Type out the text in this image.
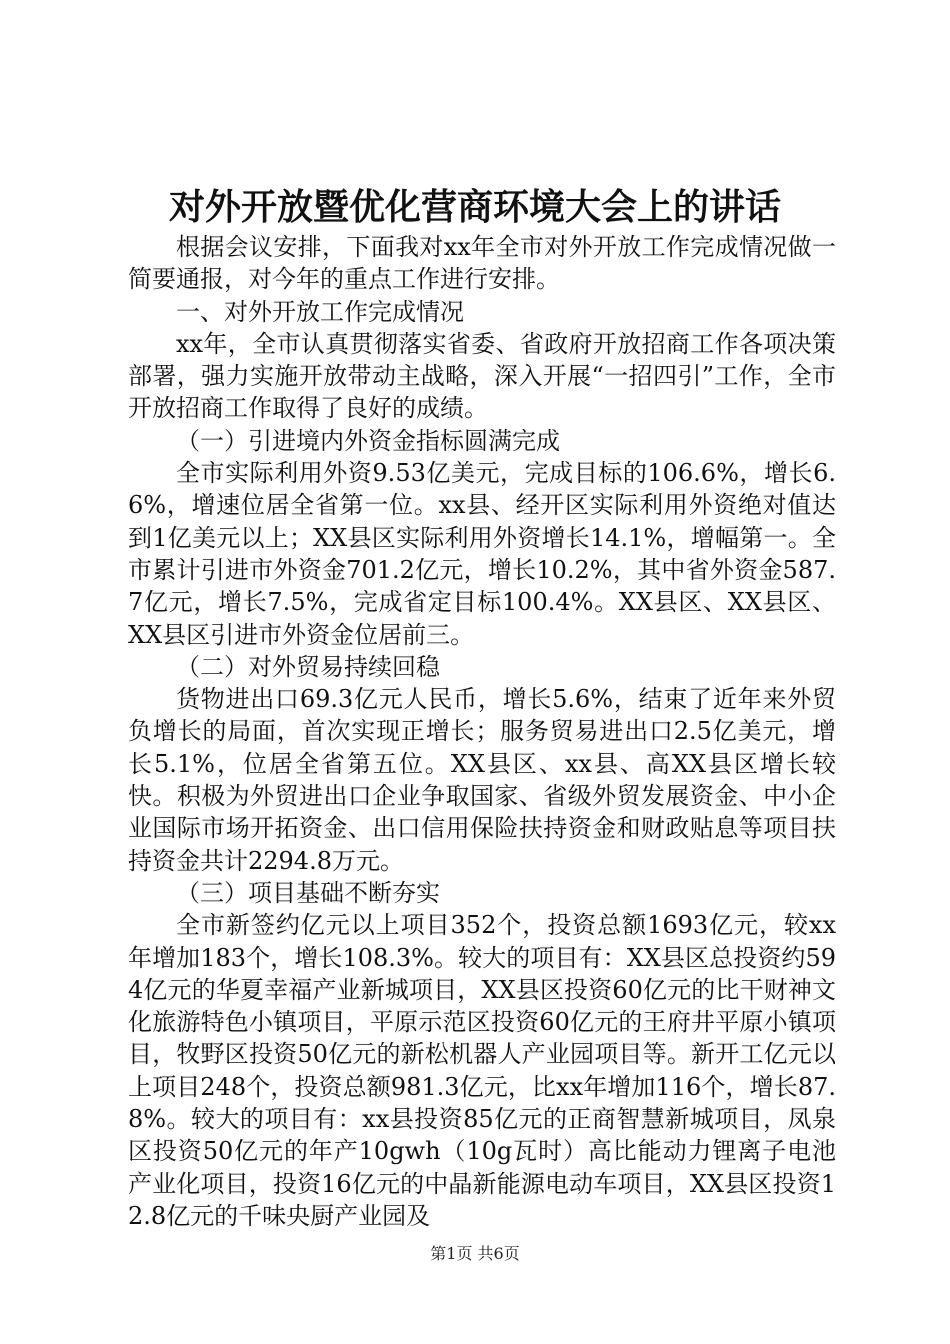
对外开放暨优化营商环境大会上的讲话

根据会议安排，下面我对xx年全市对外开放工作完成情况做一简要通报，对今年的重点工作进行安排。

一、对外开放工作完成情况

xx年，全市认真贯彻落实省委、省政府开放招商工作各项决策部署，强力实施开放带动主战略，深入开展“一招四引”工作，全市开放招商工作取得了良好的成绩。

（一）引进境内外资金指标圆满完成

全市实际利用外资9.53亿美元，完成目标的106.6%，增长6.6%，增速位居全省第一位。xx县、经开区实际利用外资绝对值达到1亿美元以上；XX县区实际利用外资增长14.1%，增幅第一。全市累计引进市外资金701.2亿元，增长10.2%，其中省外资金587.7亿元，增长7.5%，完成省定目标100.4%。XX县区、XX县区、XX县区引进市外资金位居前三。

（二）对外贸易持续回稳

货物进出口69.3亿元人民币，增长5.6%，结束了近年来外贸负增长的局面，首次实现正增长；服务贸易进出口2.5亿美元，增长5.1%，位居全省第五位。XX县区、xx县、高XX县区增长较快。积极为外贸进出口企业争取国家、省级外贸发展资金、中小企业国际市场开拓资金、出口信用保险扶持资金和财政贴息等项目扶持资金共计2294.8万元。

（三）项目基础不断夯实

全市新签约亿元以上项目352个，投资总额1693亿元，较xx年增加183个，增长108.3%。较大的项目有：XX县区总投资约594亿元的华夏幸福产业新城项目，XX县区投资60亿元的比干财神文化旅游特色小镇项目，平原示范区投资60亿元的王府井平原小镇项目，牧野区投资50亿元的新松机器人产业园项目等。新开工亿元以上项目248个，投资总额981.3亿元，比xx年增加116个，增长87.8%。较大的项目有：xx县投资85亿元的正商智慧新城项目，凤泉区投资50亿元的年产10gwh（10g瓦时）高比能动力锂离子电池产业化项目，投资16亿元的中晶新能源电动车项目，XX县区投资12.8亿元的千味央厨产业园及

第1页 共6页
